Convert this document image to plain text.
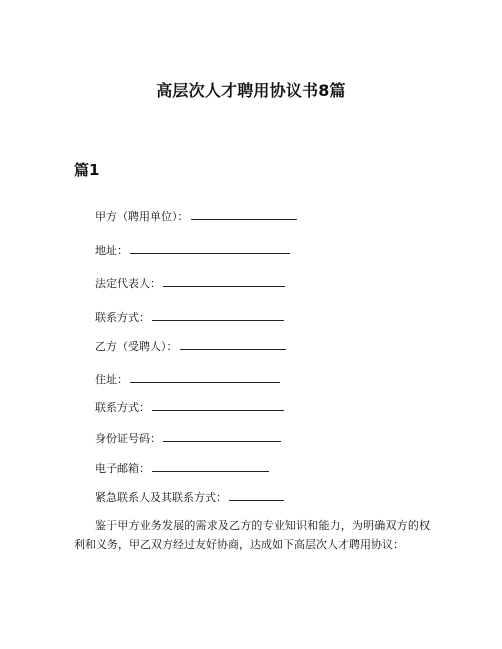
高层次人才聘用协议书8篇
篇1
甲方（聘用单位）：
地址：
法定代表人：
联系方式：
乙方（受聘人）：
住址：
联系方式：
身份证号码：
电子邮箱：
紧急联系人及其联系方式：
鉴于甲方业务发展的需求及乙方的专业知识和能力，为明确双方的权利和义务，甲乙双方经过友好协商，达成如下高层次人才聘用协议：
